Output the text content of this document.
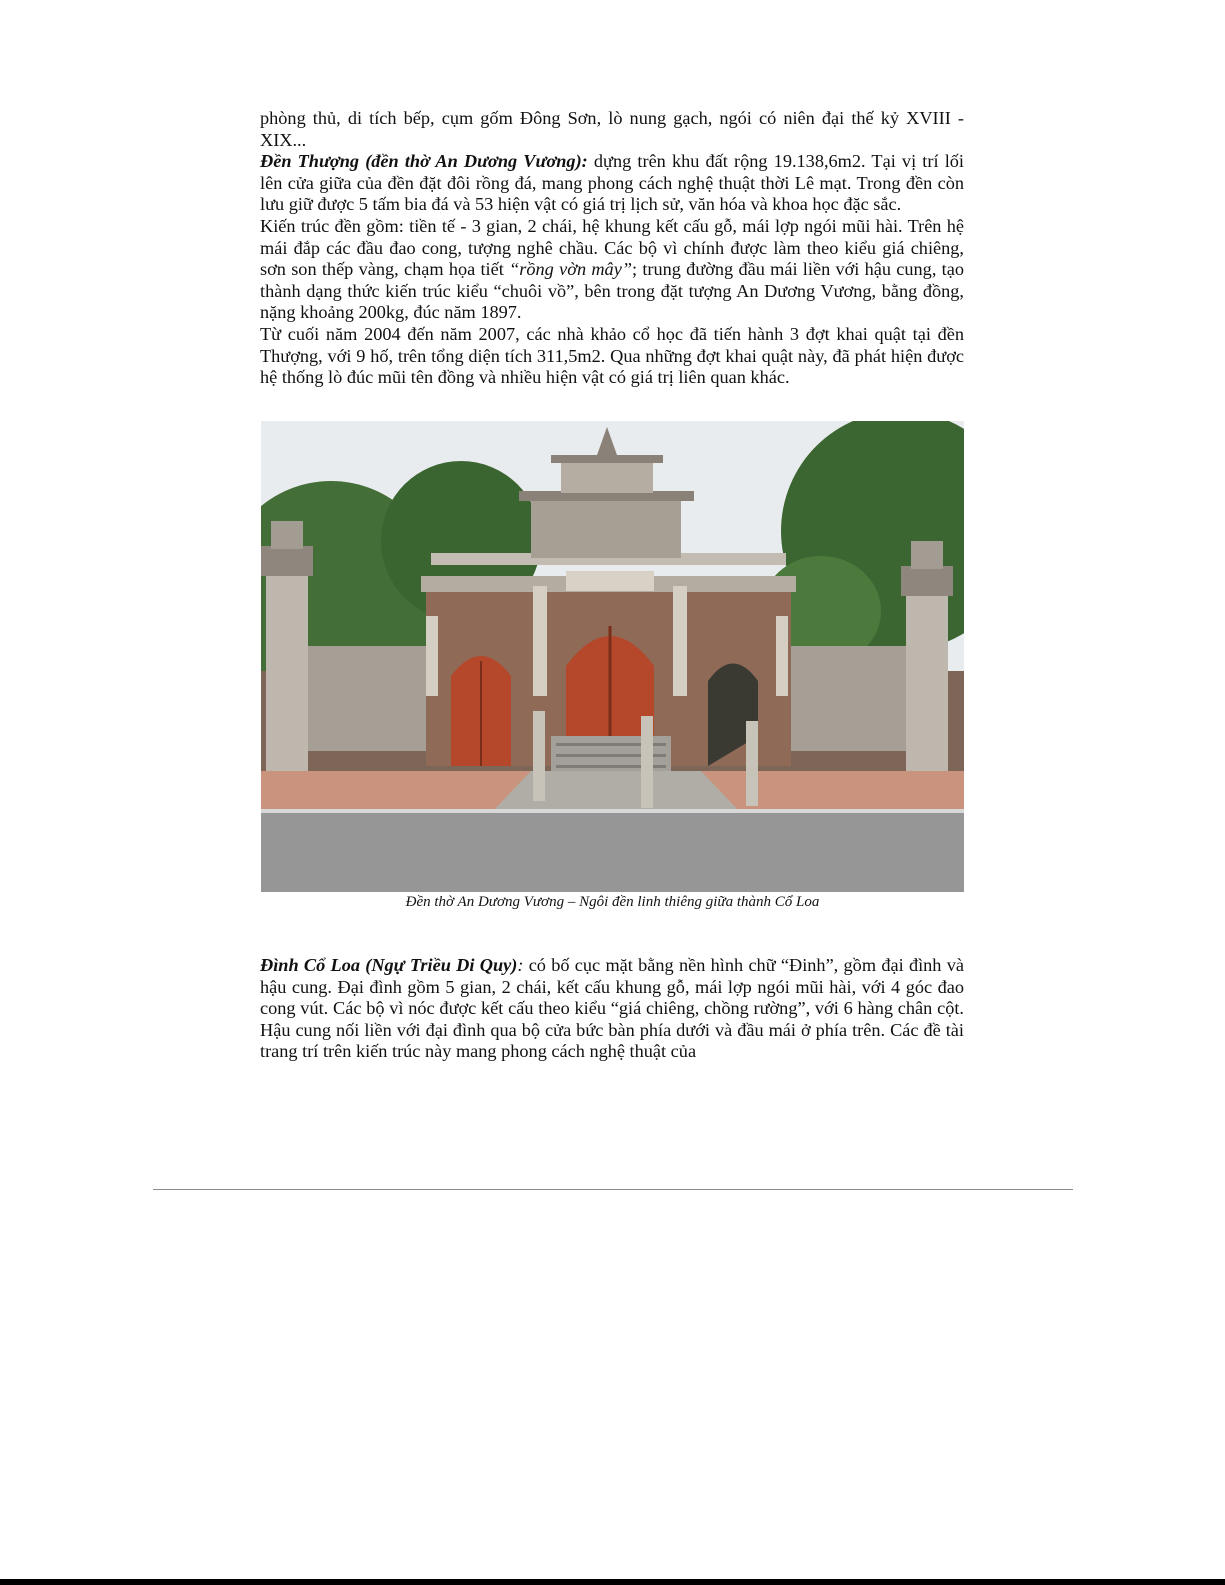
phòng thủ, di tích bếp, cụm gốm Đông Sơn, lò nung gạch, ngói có niên đại thế kỷ XVIII - XIX...

Đền Thượng (đền thờ An Dương Vương): dựng trên khu đất rộng 19.138,6m2. Tại vị trí lối lên cửa giữa của đền đặt đôi rồng đá, mang phong cách nghệ thuật thời Lê mạt. Trong đền còn lưu giữ được 5 tấm bia đá và 53 hiện vật có giá trị lịch sử, văn hóa và khoa học đặc sắc.

Kiến trúc đền gồm: tiền tế - 3 gian, 2 chái, hệ khung kết cấu gỗ, mái lợp ngói mũi hài. Trên hệ mái đắp các đầu đao cong, tượng nghê chầu. Các bộ vì chính được làm theo kiểu giá chiêng, sơn son thếp vàng, chạm họa tiết “rồng vờn mây”; trung đường đầu mái liền với hậu cung, tạo thành dạng thức kiến trúc kiểu “chuôi vồ”, bên trong đặt tượng An Dương Vương, bằng đồng, nặng khoảng 200kg, đúc năm 1897.

Từ cuối năm 2004 đến năm 2007, các nhà khảo cổ học đã tiến hành 3 đợt khai quật tại đền Thượng, với 9 hố, trên tổng diện tích 311,5m2. Qua những đợt khai quật này, đã phát hiện được hệ thống lò đúc mũi tên đồng và nhiều hiện vật có giá trị liên quan khác.

Đền thờ An Dương Vương – Ngôi đền linh thiêng giữa thành Cổ Loa

Đình Cổ Loa (Ngự Triều Di Quy): có bố cục mặt bằng nền hình chữ “Đinh”, gồm đại đình và hậu cung. Đại đình gồm 5 gian, 2 chái, kết cấu khung gỗ, mái lợp ngói mũi hài, với 4 góc đao cong vút. Các bộ vì nóc được kết cấu theo kiểu “giá chiêng, chồng rường”, với 6 hàng chân cột. Hậu cung nối liền với đại đình qua bộ cửa bức bàn phía dưới và đầu mái ở phía trên. Các đề tài trang trí trên kiến trúc này mang phong cách nghệ thuật của
